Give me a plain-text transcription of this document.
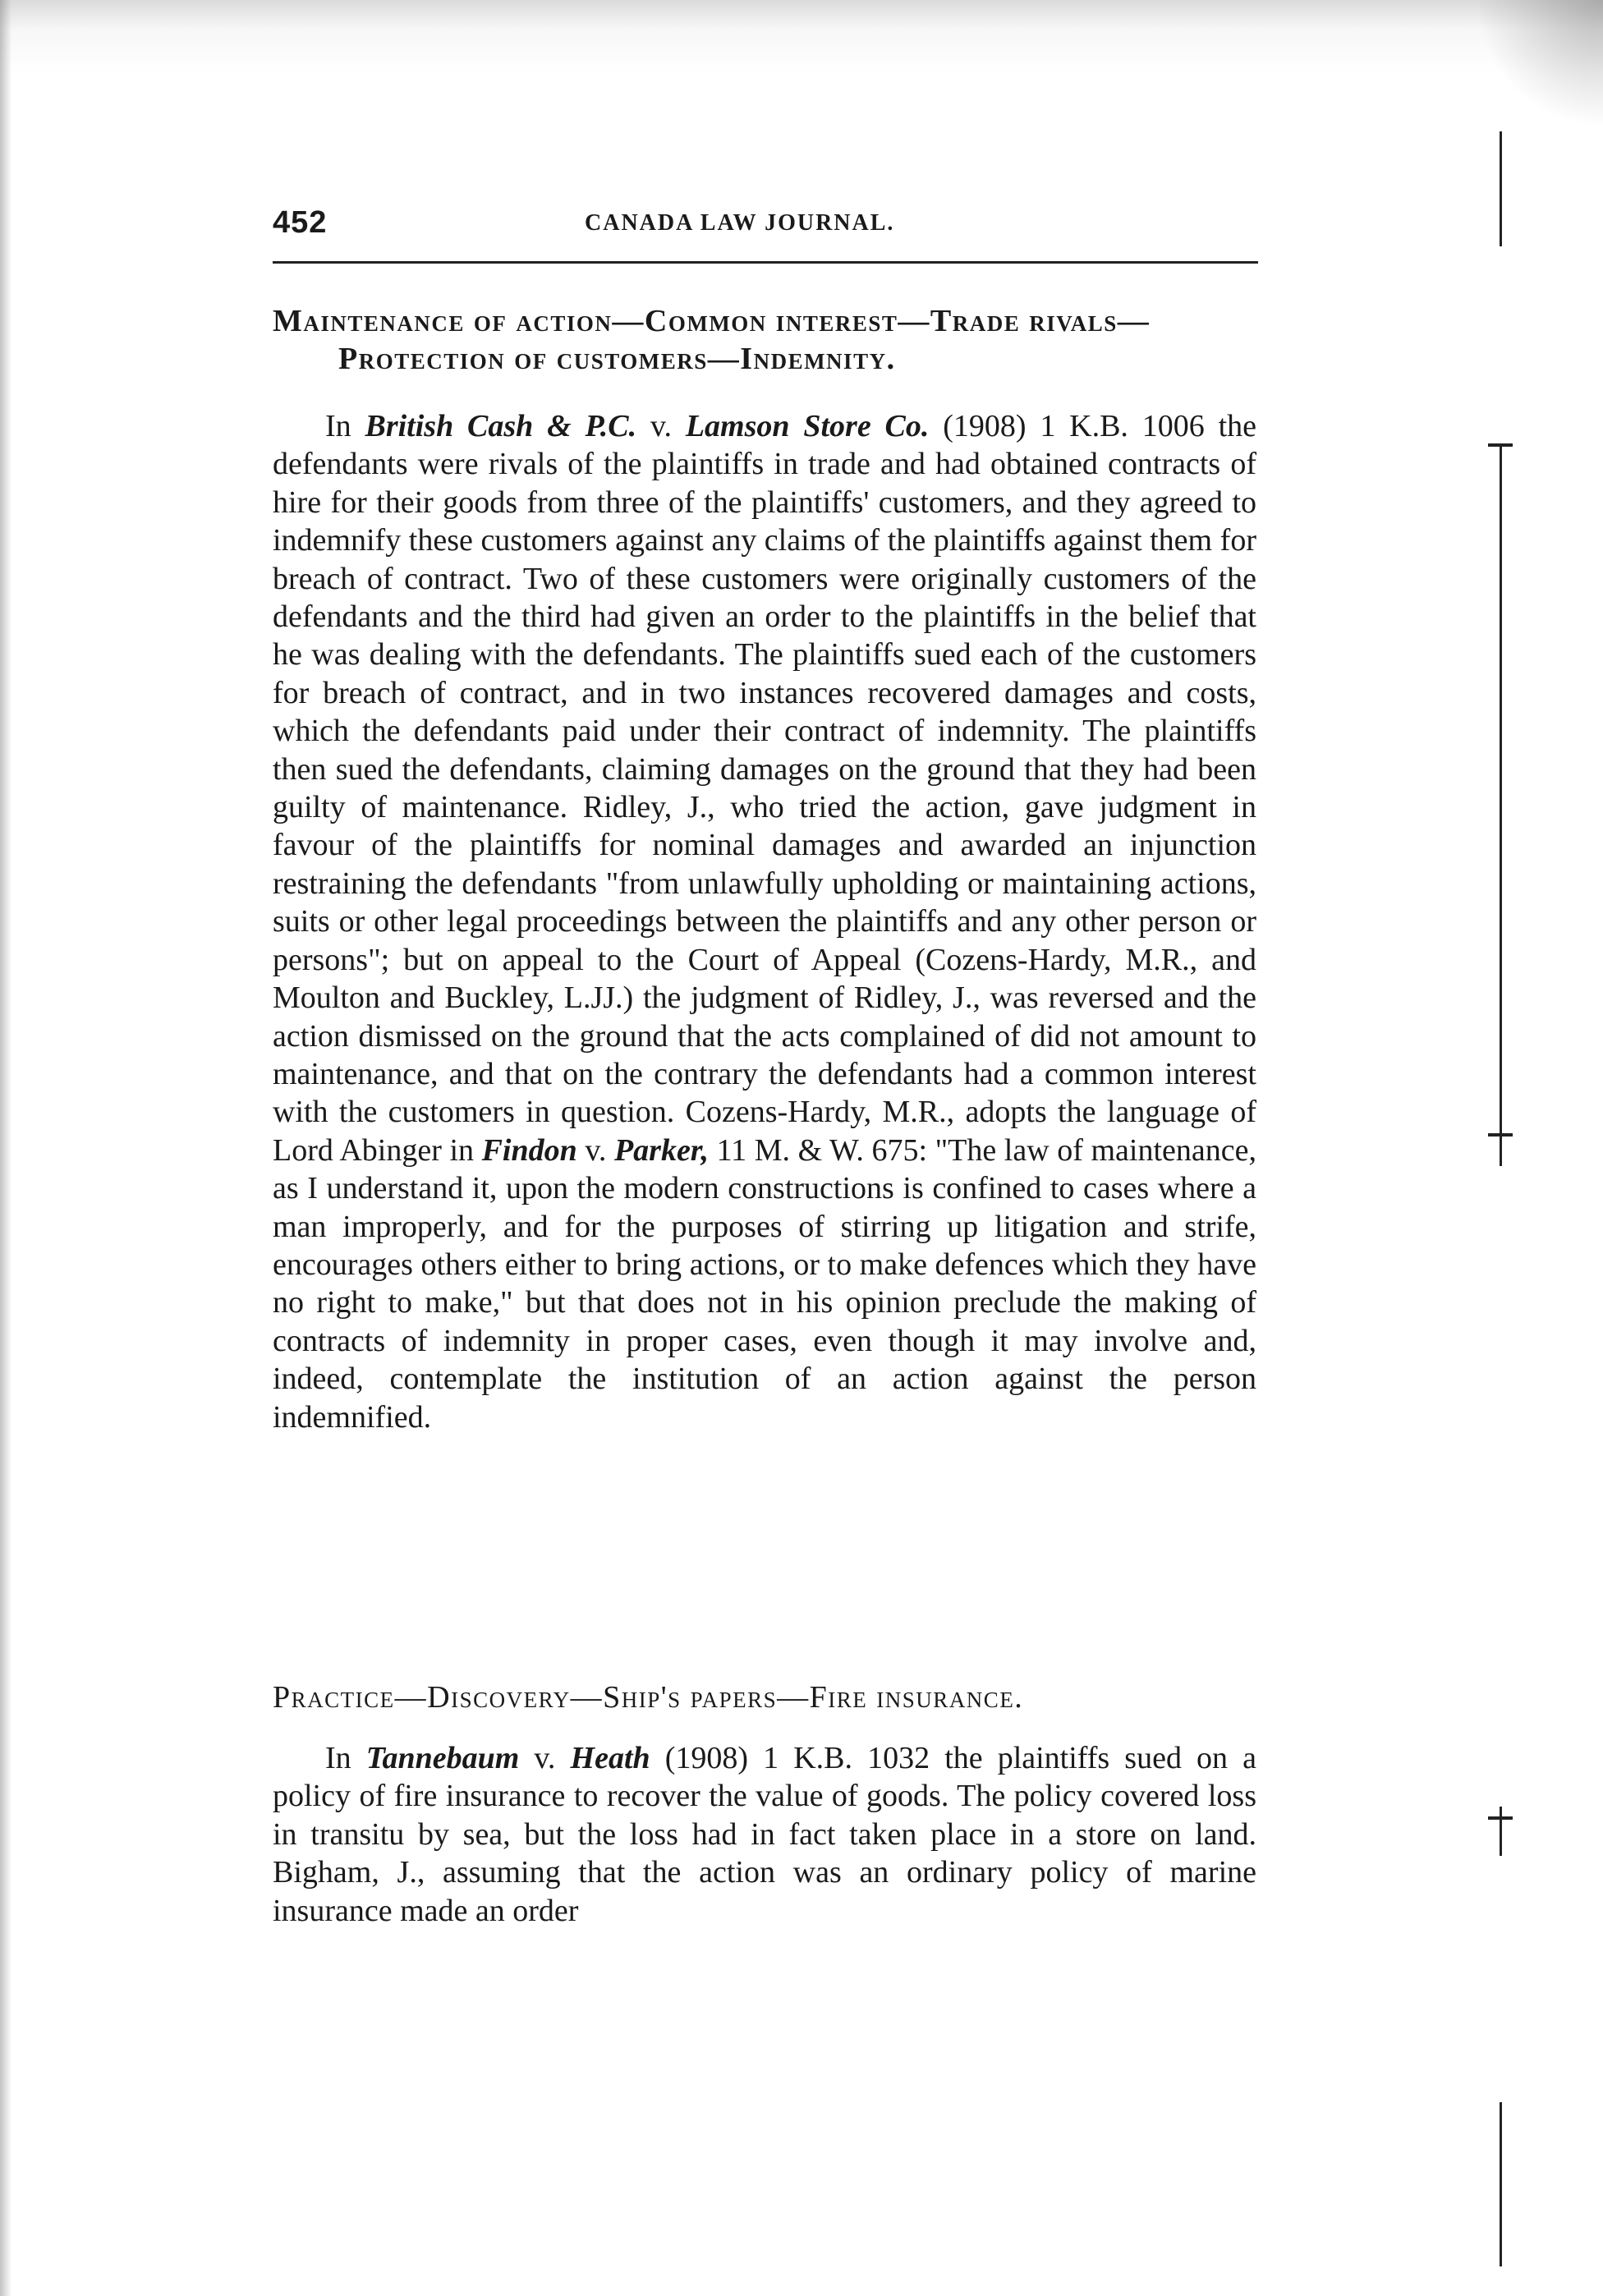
452	CANADA LAW JOURNAL.
Maintenance of action—Common interest—Trade rivals—
Protection of customers—Indemnity.

In British Cash & P.C. v. Lamson Store Co. (1908) 1 K.B. 1006 the defendants were rivals of the plaintiffs in trade and had obtained contracts of hire for their goods from three of the plaintiffs' customers, and they agreed to indemnify these customers against any claims of the plaintiffs against them for breach of contract. Two of these customers were originally customers of the defendants and the third had given an order to the plaintiffs in the belief that he was dealing with the defendants. The plaintiffs sued each of the customers for breach of contract, and in two instances recovered damages and costs, which the defendants paid under their contract of indemnity. The plaintiffs then sued the defendants, claiming damages on the ground that they had been guilty of maintenance. Ridley, J., who tried the action, gave judgment in favour of the plaintiffs for nominal damages and awarded an injunction restraining the defendants "from unlawfully upholding or maintaining actions, suits or other legal proceedings between the plaintiffs and any other person or persons"; but on appeal to the Court of Appeal (Cozens-Hardy, M.R., and Moulton and Buckley, L.JJ.) the judgment of Ridley, J., was reversed and the action dismissed on the ground that the acts complained of did not amount to maintenance, and that on the contrary the defendants had a common interest with the customers in question. Cozens-Hardy, M.R., adopts the language of Lord Abinger in Findon v. Parker, 11 M. & W. 675: "The law of maintenance, as I understand it, upon the modern constructions is confined to cases where a man improperly, and for the purposes of stirring up litigation and strife, encourages others either to bring actions, or to make defences which they have no right to make," but that does not in his opinion preclude the making of contracts of indemnity in proper cases, even though it may involve and, indeed, contemplate the institution of an action against the person indemnified.

Practice—Discovery—Ship's papers—Fire insurance.

In Tannebaum v. Heath (1908) 1 K.B. 1032 the plaintiffs sued on a policy of fire insurance to recover the value of goods. The policy covered loss in transitu by sea, but the loss had in fact taken place in a store on land. Bigham, J., assuming that the action was an ordinary policy of marine insurance made an order
